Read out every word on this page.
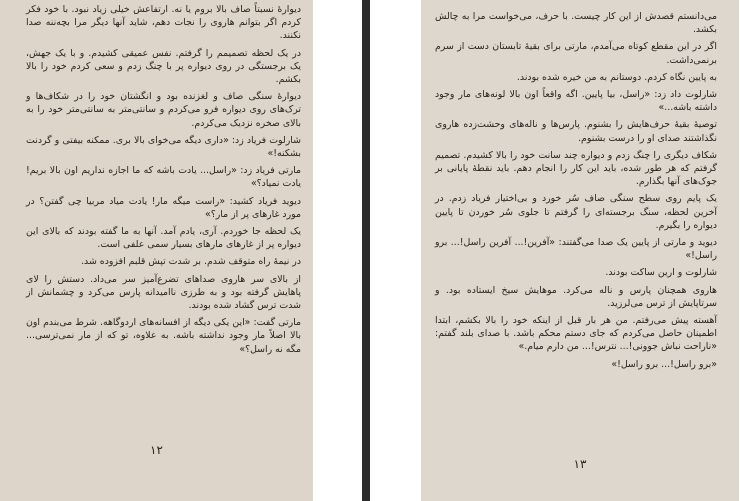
دیوارهٔ نسبتاً صاف بالا بروم یا نه. ارتفاعش خیلی زیاد نبود. با خود فکر کردم اگر بتوانم هاروی را نجات دهم، شاید آنها دیگر مرا بچه‌ننه صدا نکنند.

در یک لحظه تصمیمم را گرفتم. نفس عمیقی کشیدم. و با یک جهش، یک برجستگی در روی دیواره پر با چنگ زدم و سعی کردم خود را بالا بکشم.

دیوارهٔ سنگی صاف و لغزنده بود و انگشتان خود را در شکاف‌ها و ترک‌های روی دیواره فرو می‌کردم و سانتی‌متر به سانتی‌متر خود را به بالای صخره نزدیک می‌کردم.

شارلوت فریاد زد: «داری دیگه می‌خوای بالا بری. ممکنه بیفتی و گردنت بشکنه!»

مارتی فریاد زد: «راسل... یادت باشه که ما اجازه نداریم اون بالا بریم! یادت نمیاد؟»

دیوید فریاد کشید: «راست میگه مار! یادت میاد مربیا چی گفتن؟ در مورد غارهای پر از مار؟»

یک لحظه جا خوردم. آری، یادم آمد. آنها به ما گفته بودند که بالای این دیواره پر از غارهای مارهای بسیار سمی علفی است.

در نیمهٔ راه متوقف شدم. بر شدت تپش قلبم افزوده شد.

از بالای سر هاروی صداهای تضرع‌آمیز سر می‌داد. دستش را لای پاهایش گرفته بود و به طرزی ناامیدانه پارس می‌کرد و چشمانش از شدت ترس گشاد شده بودند.

مارتی گفت: «این یکی دیگه از افسانه‌های اردوگاهه. شرط می‌بندم اون بالا اصلاً مار وجود نداشته باشه. به علاوه، تو که از مار نمی‌ترسی... مگه نه راسل؟»

۱۲

می‌دانستم قصدش از این کار چیست. با حرف، می‌خواست مرا به چالش بکشد.

اگر در این مقطع کوتاه می‌آمدم، مارتی برای بقیهٔ تابستان دست از سرم برنمی‌داشت.

به پایین نگاه کردم. دوستانم به من خیره شده بودند.

شارلوت داد زد: «راسل، بیا پایین. اگه واقعاً اون بالا لونه‌های مار وجود داشته باشه...»

توصیهٔ بقیهٔ حرف‌هایش را بشنوم. پارس‌ها و ناله‌های وحشت‌زده هاروی نگذاشتند صدای او را درست بشنوم.

شکاف دیگری را چنگ زدم و دیواره چند سانت خود را بالا کشیدم. تصمیم گرفتم که هر طور شده، باید این کار را انجام دهم. باید نقطهٔ پایانی بر جوک‌های آنها بگذارم.

یک پایم روی سطح سنگی صاف سُر خورد و بی‌اختیار فریاد زدم. در آخرین لحظه، سنگ برجسته‌ای را گرفتم تا جلوی سُر خوردن تا پایین دیواره را بگیرم.

دیوید و مارتی از پایین یک صدا می‌گفتند: «آفرین!... آفرین راسل!... برو راسل!»

شارلوت و ارین ساکت بودند.

هاروی همچنان پارس و ناله می‌کرد. موهایش سیخ ایستاده بود. و سرتاپایش از ترس می‌لرزید.

آهسته پیش می‌رفتم. من هر بار قبل از اینکه خود را بالا بکشم، ابتدا اطمینان حاصل می‌کردم که جای دستم محکم باشد. با صدای بلند گفتم: «ناراحت نباش جوونی!... نترس!... من دارم میام.»

«برو راسل!... برو راسل!»

۱۳
